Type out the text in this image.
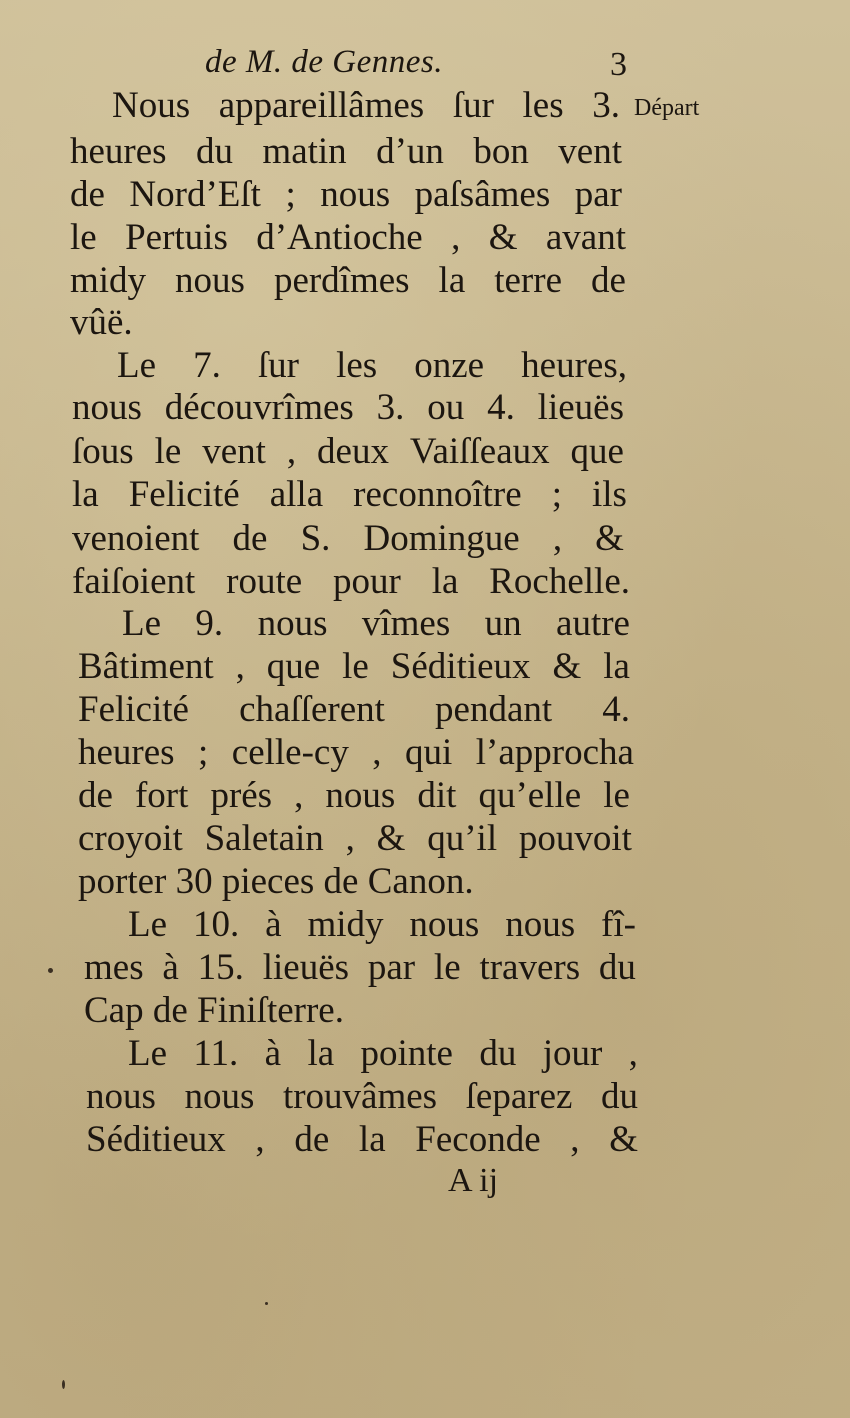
de M. de Gennes.	3
Départ
Nous appareillâmes ſur les 3.
heures du matin d’un bon vent
de Nord’Eſt ; nous paſsâmes par
le Pertuis d’Antioche , & avant
midy nous perdîmes la terre de
vûë.
Le 7. ſur les onze heures,
nous découvrîmes 3. ou 4. lieuës
ſous le vent , deux Vaiſſeaux que
la Felicité alla reconnoître ; ils
venoient de S. Domingue , &
faiſoient route pour la Rochelle.
Le 9. nous vîmes un autre
Bâtiment , que le Séditieux & la
Felicité chaſſerent pendant 4.
heures ; celle-cy , qui l’approcha
de fort prés , nous dit qu’elle le
croyoit Saletain , & qu’il pouvoit
porter 30 pieces de Canon.
Le 10. à midy nous nous fî-
mes à 15. lieuës par le travers du
Cap de Finiſterre.
Le 11. à la pointe du jour ,
nous nous trouvâmes ſeparez du
Séditieux , de la Feconde , &
A ij
